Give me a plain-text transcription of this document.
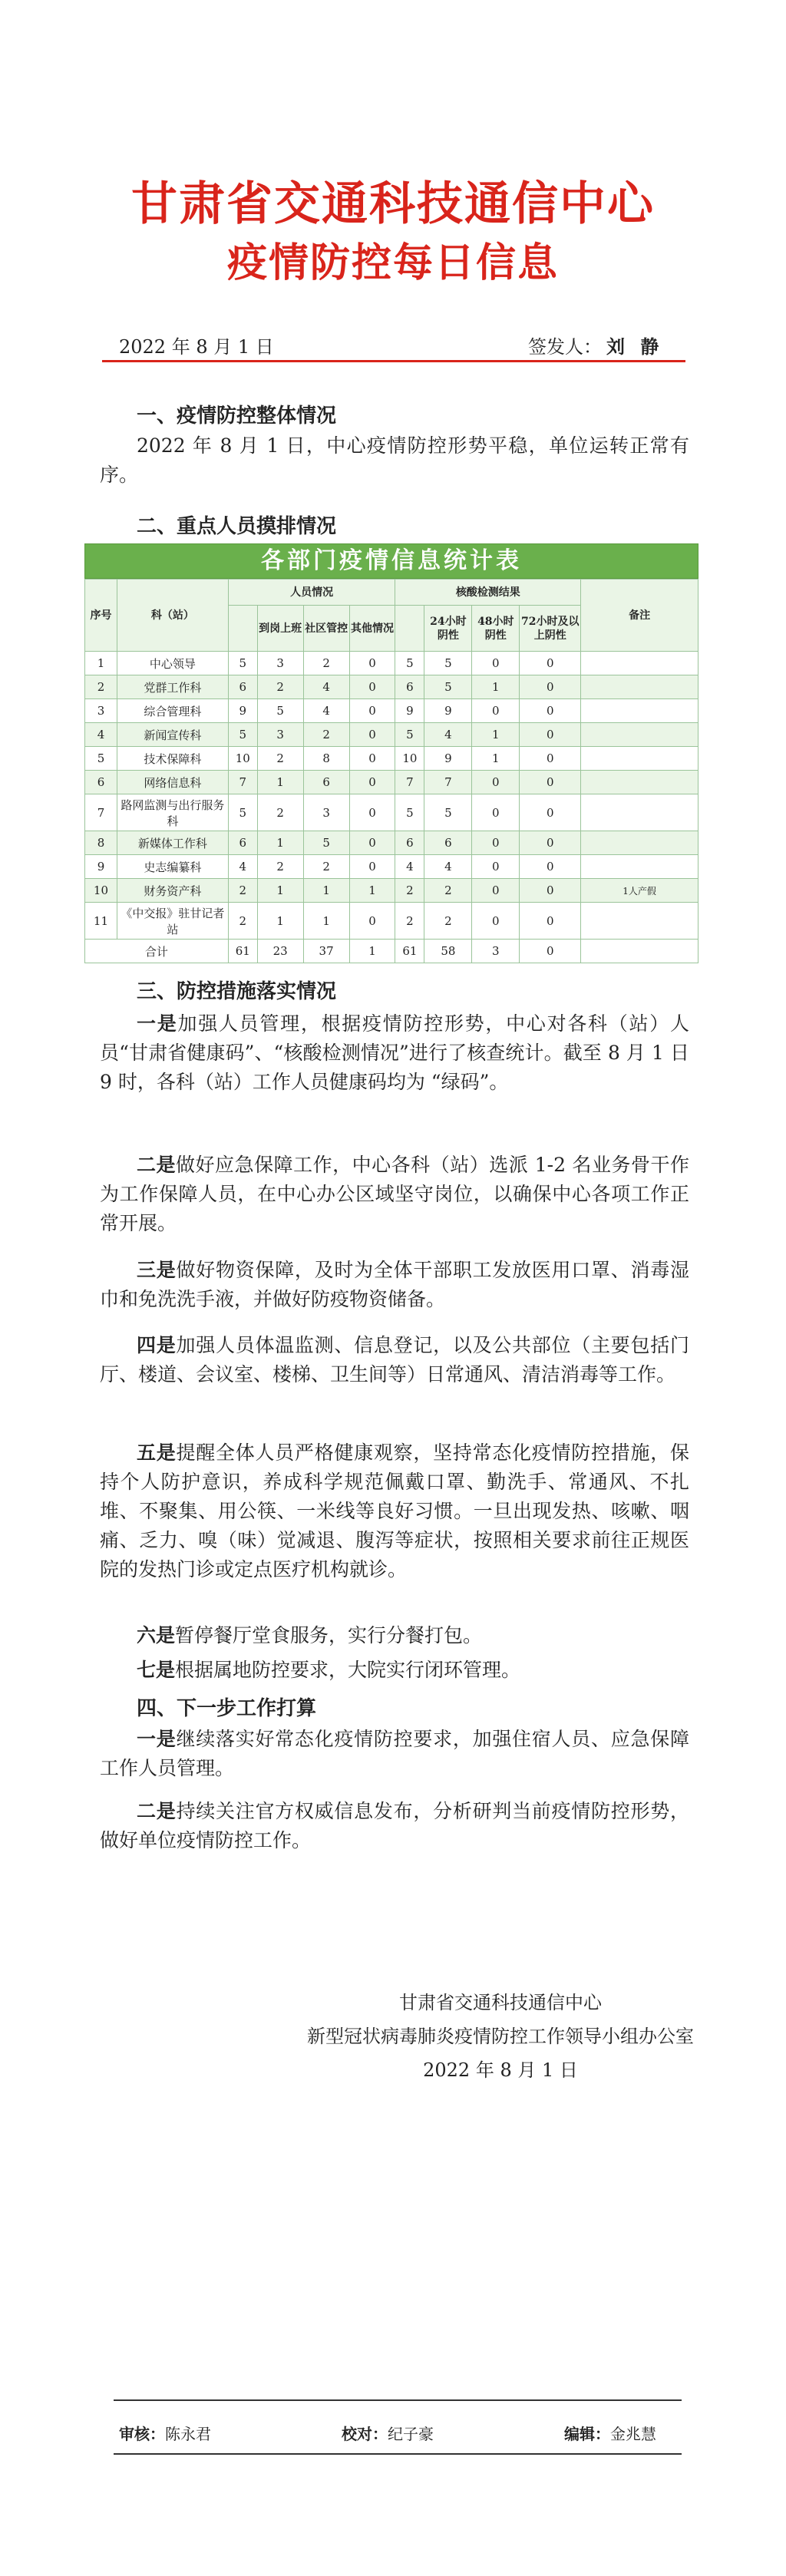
甘肃省交通科技通信中心
疫情防控每日信息
2022 年 8 月 1 日	签发人： 刘 静
一、疫情防控整体情况
2022 年 8 月 1 日，中心疫情防控形势平稳，单位运转正常有序。
二、重点人员摸排情况
各部门疫情信息统计表
序号	科（站）	人员情况				核酸检测结果				备注
			到岗上班	社区管控	其他情况		24小时阴性	48小时阴性	72小时及以上阴性	
1	中心领导	5	3	2	0	5	5	0	0	
2	党群工作科	6	2	4	0	6	5	1	0	
3	综合管理科	9	5	4	0	9	9	0	0	
4	新闻宣传科	5	3	2	0	5	4	1	0	
5	技术保障科	10	2	8	0	10	9	1	0	
6	网络信息科	7	1	6	0	7	7	0	0	
7	路网监测与出行服务科	5	2	3	0	5	5	0	0	
8	新媒体工作科	6	1	5	0	6	6	0	0	
9	史志编纂科	4	2	2	0	4	4	0	0	
10	财务资产科	2	1	1	1	2	2	0	0	1人产假
11	《中交报》驻甘记者站	2	1	1	0	2	2	0	0	
合计		61	23	37	1	61	58	3	0	
三、防控措施落实情况
一是加强人员管理，根据疫情防控形势，中心对各科（站）人员“甘肃省健康码”、“核酸检测情况”进行了核查统计。截至 8 月 1 日 9 时，各科（站）工作人员健康码均为 “绿码”。
二是做好应急保障工作，中心各科（站）选派 1-2 名业务骨干作为工作保障人员，在中心办公区域坚守岗位，以确保中心各项工作正常开展。
三是做好物资保障，及时为全体干部职工发放医用口罩、消毒湿巾和免洗洗手液，并做好防疫物资储备。
四是加强人员体温监测、信息登记，以及公共部位（主要包括门厅、楼道、会议室、楼梯、卫生间等）日常通风、清洁消毒等工作。
五是提醒全体人员严格健康观察，坚持常态化疫情防控措施，保持个人防护意识，养成科学规范佩戴口罩、勤洗手、常通风、不扎堆、不聚集、用公筷、一米线等良好习惯。一旦出现发热、咳嗽、咽痛、乏力、嗅（味）觉减退、腹泻等症状，按照相关要求前往正规医院的发热门诊或定点医疗机构就诊。
六是暂停餐厅堂食服务，实行分餐打包。
七是根据属地防控要求，大院实行闭环管理。
四、下一步工作打算
一是继续落实好常态化疫情防控要求，加强住宿人员、应急保障工作人员管理。
二是持续关注官方权威信息发布，分析研判当前疫情防控形势，做好单位疫情防控工作。
甘肃省交通科技通信中心
新型冠状病毒肺炎疫情防控工作领导小组办公室
2022 年 8 月 1 日
审核：陈永君	校对：纪子豪	编辑：金兆慧
